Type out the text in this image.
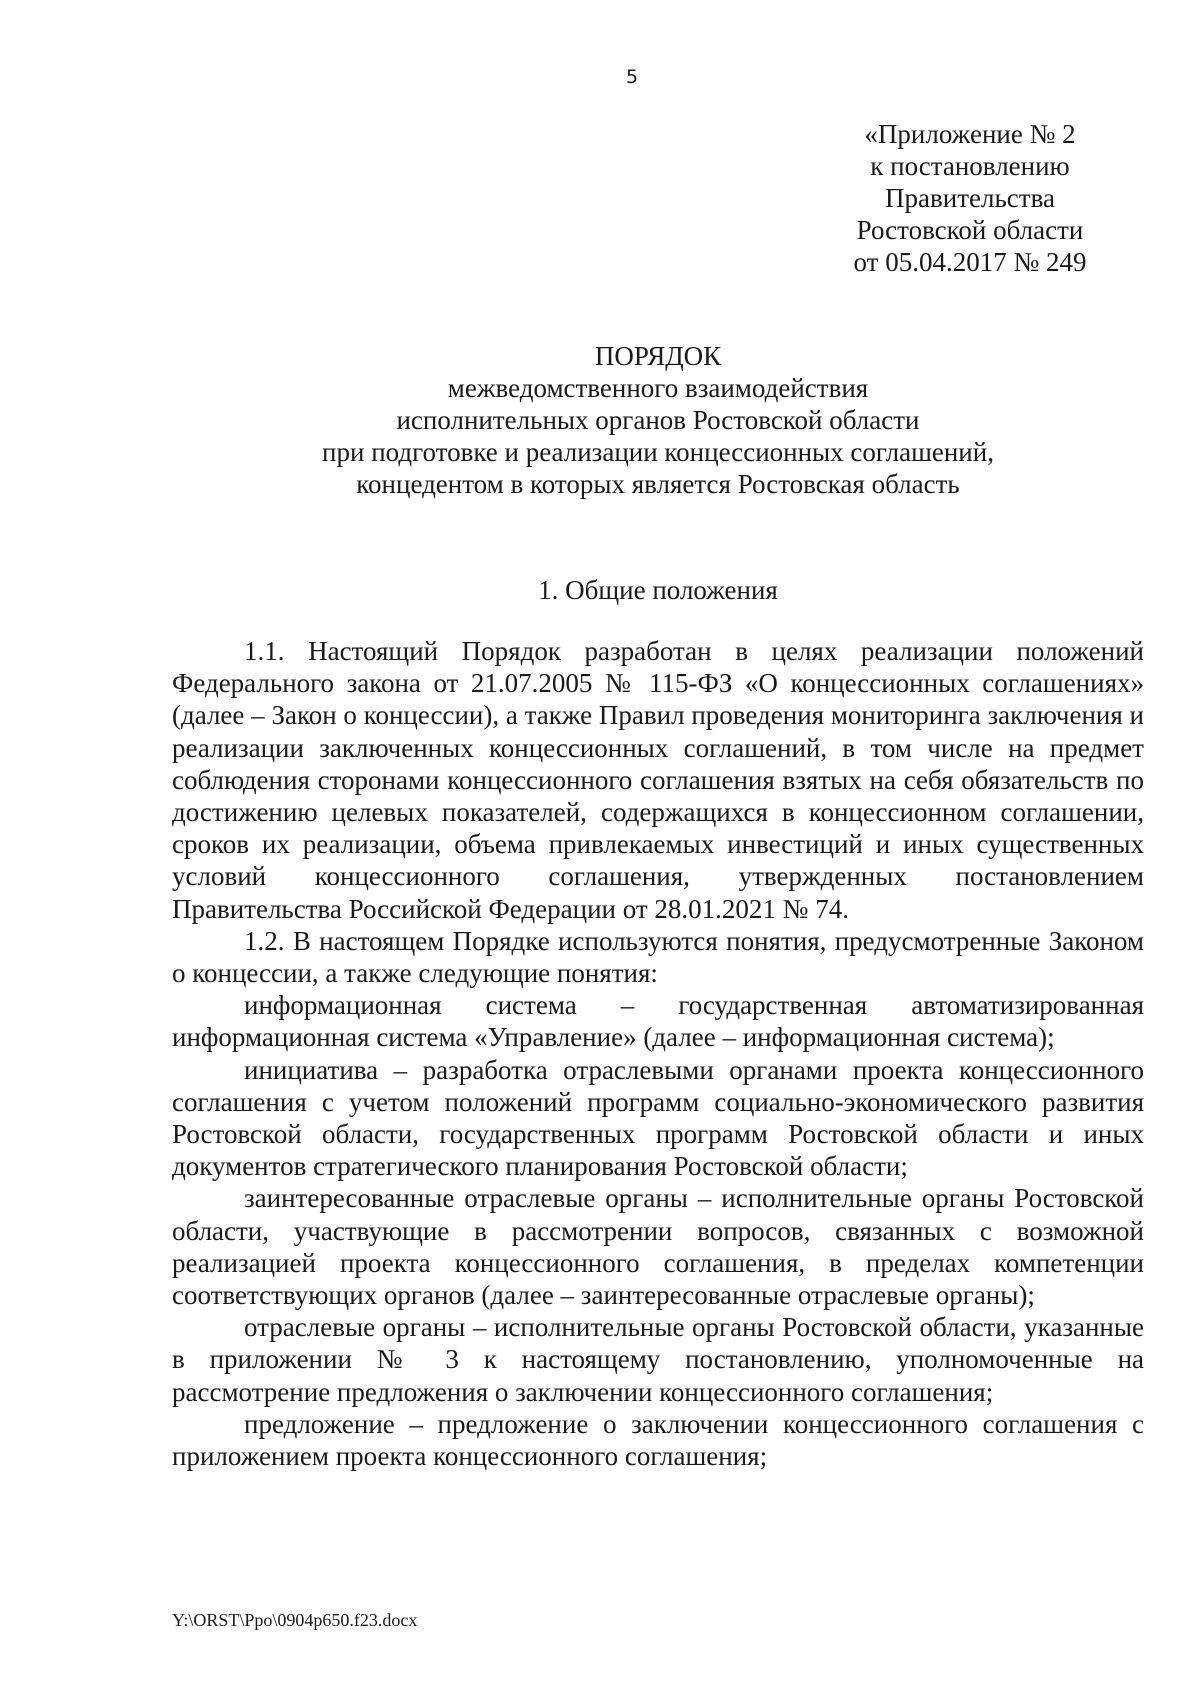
5
«Приложение № 2
к постановлению
Правительства
Ростовской области
от 05.04.2017 № 249
ПОРЯДОК
межведомственного взаимодействия
исполнительных органов Ростовской области
при подготовке и реализации концессионных соглашений,
концедентом в которых является Ростовская область
1. Общие положения

1.1. Настоящий Порядок разработан в целях реализации положений Федерального закона от 21.07.2005 № 115-ФЗ «О концессионных соглашениях» (далее – Закон о концессии), а также Правил проведения мониторинга заключения и реализации заключенных концессионных соглашений, в том числе на предмет соблюдения сторонами концессионного соглашения взятых на себя обязательств по достижению целевых показателей, содержащихся в концессионном соглашении, сроков их реализации, объема привлекаемых инвестиций и иных существенных условий концессионного соглашения, утвержденных постановлением Правительства Российской Федерации от 28.01.2021 № 74.

1.2. В настоящем Порядке используются понятия, предусмотренные Законом о концессии, а также следующие понятия:

информационная система – государственная автоматизированная информационная система «Управление» (далее – информационная система);

инициатива – разработка отраслевыми органами проекта концессионного соглашения с учетом положений программ социально-экономического развития Ростовской области, государственных программ Ростовской области и иных документов стратегического планирования Ростовской области;

заинтересованные отраслевые органы – исполнительные органы Ростовской области, участвующие в рассмотрении вопросов, связанных с возможной реализацией проекта концессионного соглашения, в пределах компетенции соответствующих органов (далее – заинтересованные отраслевые органы);

отраслевые органы – исполнительные органы Ростовской области, указанные в приложении № 3 к настоящему постановлению, уполномоченные на рассмотрение предложения о заключении концессионного соглашения;

предложение – предложение о заключении концессионного соглашения с приложением проекта концессионного соглашения;

Y:\ORST\Ppo\0904p650.f23.docx
